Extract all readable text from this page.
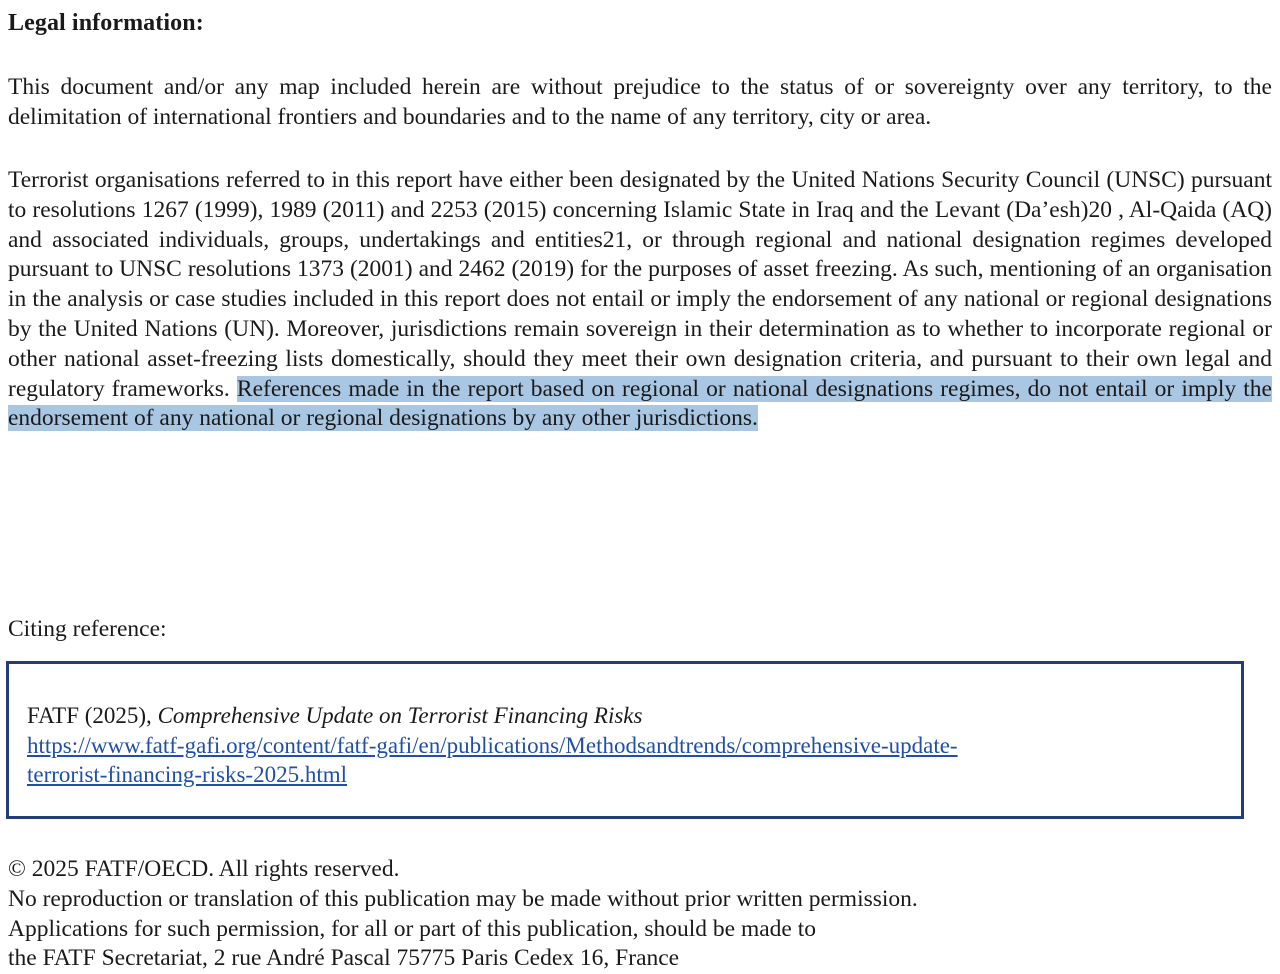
Legal information:
This document and/or any map included herein are without prejudice to the status of or sovereignty over any territory, to the delimitation of international frontiers and boundaries and to the name of any territory, city or area.
Terrorist organisations referred to in this report have either been designated by the United Nations Security Council (UNSC) pursuant to resolutions 1267 (1999), 1989 (2011) and 2253 (2015) concerning Islamic State in Iraq and the Levant (Da’esh)20 , Al-Qaida (AQ) and associated individuals, groups, undertakings and entities21, or through regional and national designation regimes developed pursuant to UNSC resolutions 1373 (2001) and 2462 (2019) for the purposes of asset freezing. As such, mentioning of an organisation in the analysis or case studies included in this report does not entail or imply the endorsement of any national or regional designations by the United Nations (UN). Moreover, jurisdictions remain sovereign in their determination as to whether to incorporate regional or other national asset-freezing lists domestically, should they meet their own designation criteria, and pursuant to their own legal and regulatory frameworks. References made in the report based on regional or national designations regimes, do not entail or imply the endorsement of any national or regional designations by any other jurisdictions.
Citing reference:
FATF (2025), Comprehensive Update on Terrorist Financing Risks
https://www.fatf-gafi.org/content/fatf-gafi/en/publications/Methodsandtrends/comprehensive-update-
terrorist-financing-risks-2025.html
© 2025 FATF/OECD. All rights reserved.
No reproduction or translation of this publication may be made without prior written permission.
Applications for such permission, for all or part of this publication, should be made to
the FATF Secretariat, 2 rue André Pascal 75775 Paris Cedex 16, France
